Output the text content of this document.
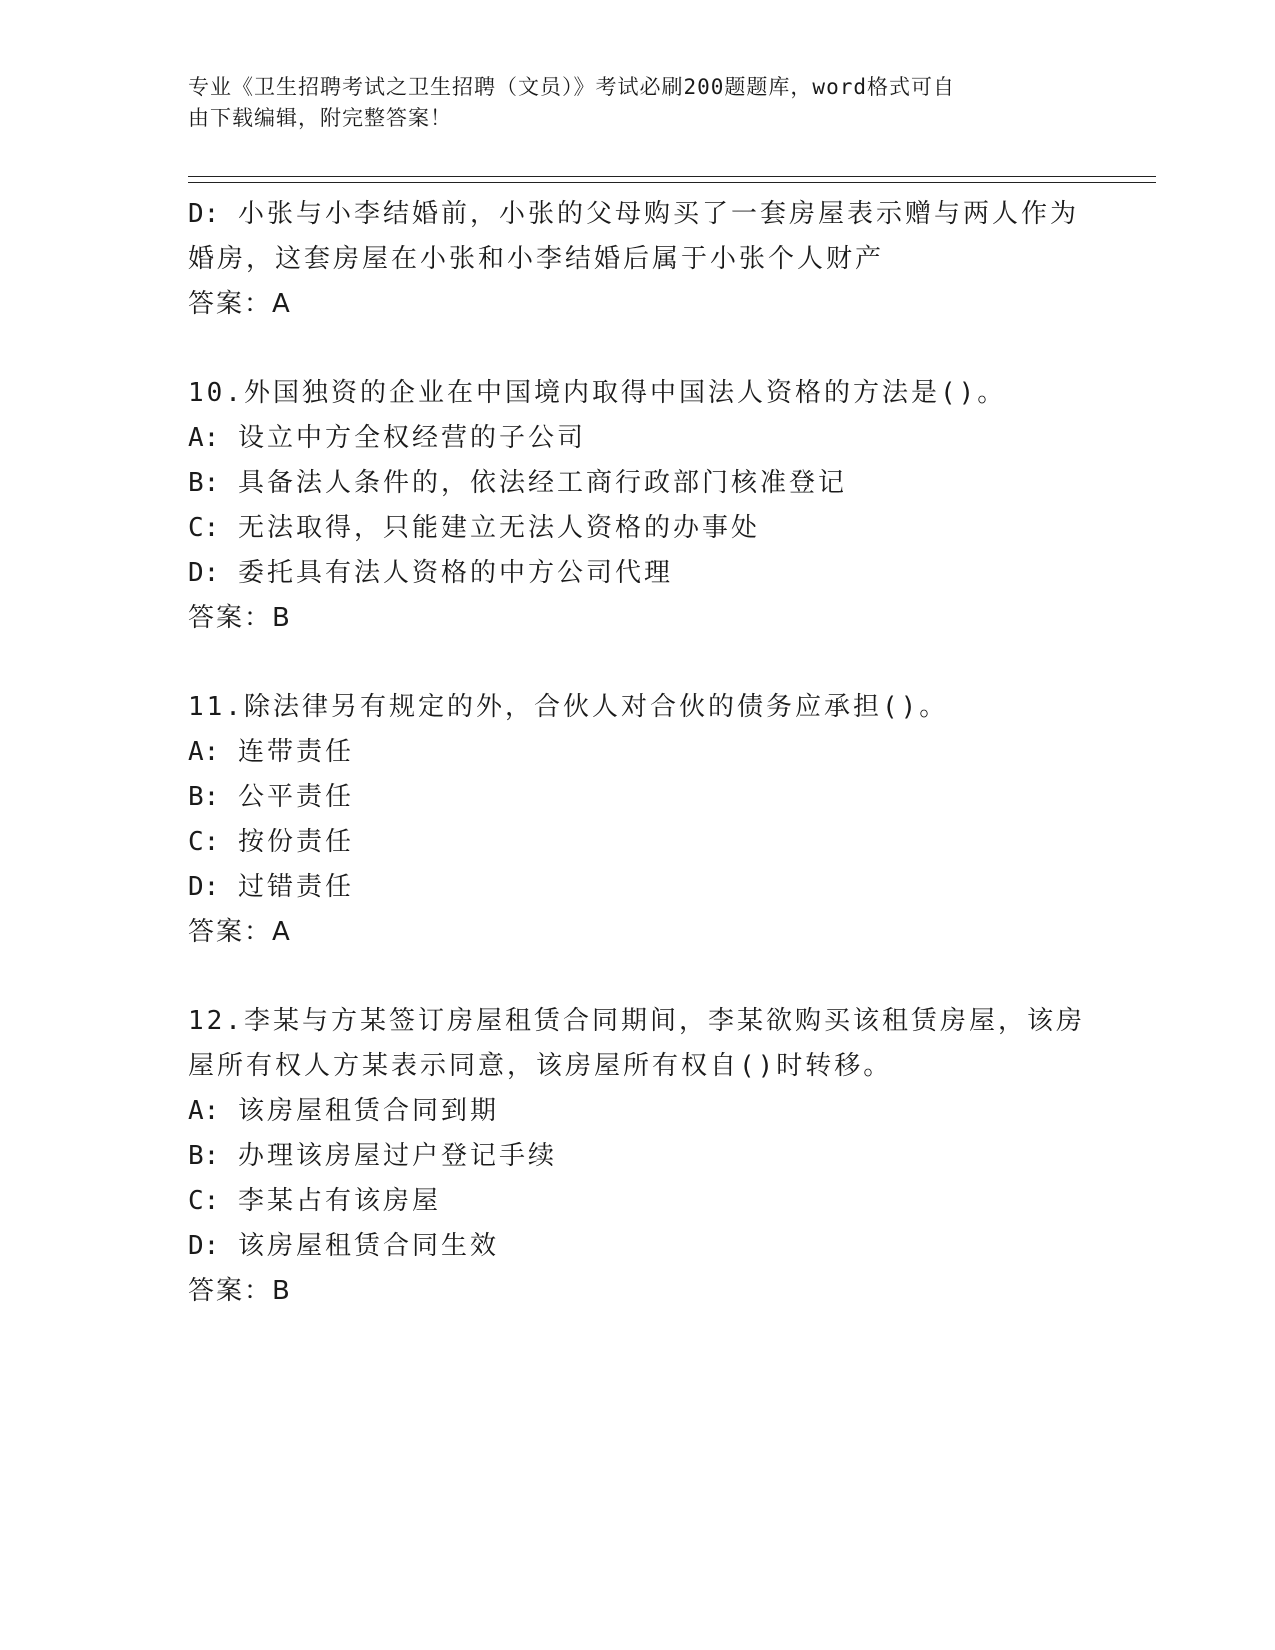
专业《卫生招聘考试之卫生招聘（文员）》考试必刷200题题库，word格式可自
由下载编辑，附完整答案！
D: 小张与小李结婚前，小张的父母购买了一套房屋表示赠与两人作为
婚房，这套房屋在小张和小李结婚后属于小张个人财产
答案：A
10.外国独资的企业在中国境内取得中国法人资格的方法是()。
A: 设立中方全权经营的子公司
B: 具备法人条件的，依法经工商行政部门核准登记
C: 无法取得，只能建立无法人资格的办事处
D: 委托具有法人资格的中方公司代理
答案：B
11.除法律另有规定的外，合伙人对合伙的债务应承担()。
A: 连带责任
B: 公平责任
C: 按份责任
D: 过错责任
答案：A
12.李某与方某签订房屋租赁合同期间，李某欲购买该租赁房屋，该房
屋所有权人方某表示同意，该房屋所有权自()时转移。
A: 该房屋租赁合同到期
B: 办理该房屋过户登记手续
C: 李某占有该房屋
D: 该房屋租赁合同生效
答案：B
